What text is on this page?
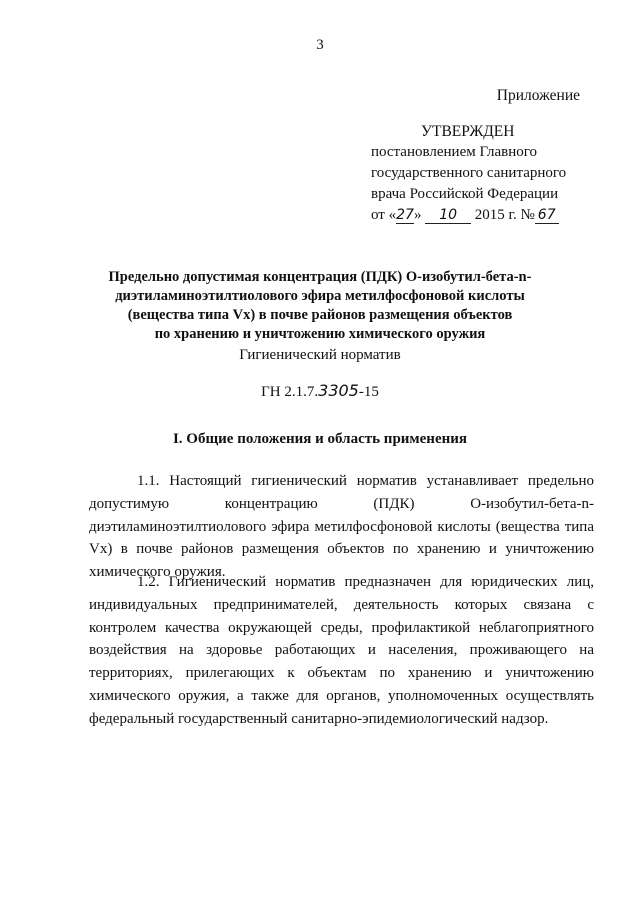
3
Приложение
УТВЕРЖДЕН
постановлением Главного
государственного санитарного
врача Российской Федерации
от «27» 10 2015 г. № 67
Предельно допустимая концентрация (ПДК) О-изобутил-бета-n-
диэтиламиноэтилтиолового эфира метилфосфоновой кислоты
(вещества типа Vx) в почве районов размещения объектов
по хранению и уничтожению химического оружия
Гигиенический норматив
ГН 2.1.7.3305-15
I. Общие положения и область применения

1.1. Настоящий гигиенический норматив устанавливает предельно допустимую концентрацию (ПДК) О-изобутил-бета-n-диэтиламиноэтилтиолового эфира метилфосфоновой кислоты (вещества типа Vx) в почве районов размещения объектов по хранению и уничтожению химического оружия.

1.2. Гигиенический норматив предназначен для юридических лиц, индивидуальных предпринимателей, деятельность которых связана с контролем качества окружающей среды, профилактикой неблагоприятного воздействия на здоровье работающих и населения, проживающего на территориях, прилегающих к объектам по хранению и уничтожению химического оружия, а также для органов, уполномоченных осуществлять федеральный государственный санитарно-эпидемиологический надзор.
